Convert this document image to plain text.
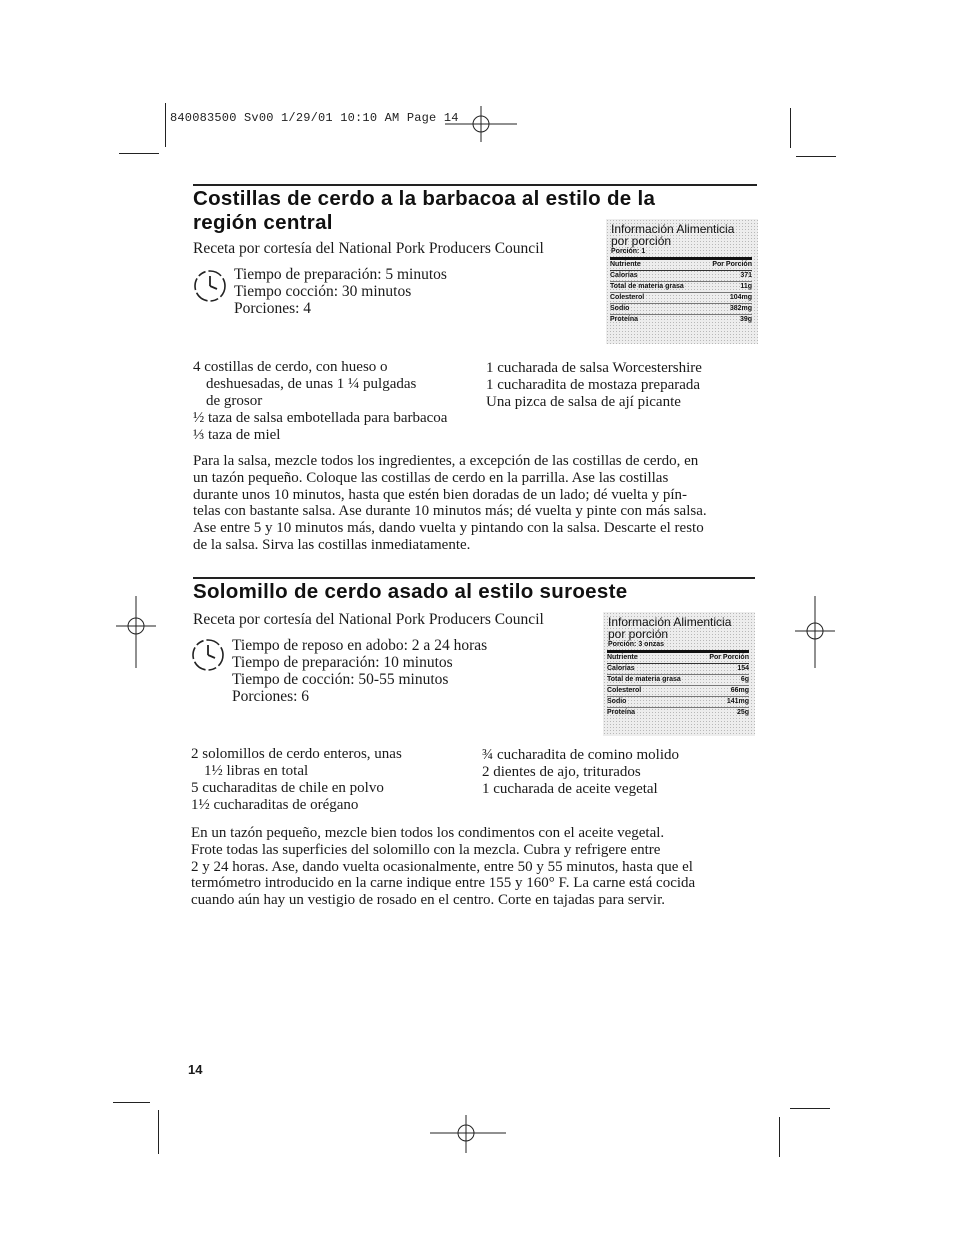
840083500 Sv00 1/29/01 10:10 AM Page 14
Costillas de cerdo a la barbacoa al estilo de la
región central
Receta por cortesía del National Pork Producers Council
Tiempo de preparación: 5 minutos
Tiempo cocción: 30 minutos
Porciones: 4
Información Alimenticia
por porción
Porción: 1
Nutriente	Por Porción
Calorías	371
Total de materia grasa	11g
Colesterol	104mg
Sodio	382mg
Proteína	39g
4 costillas de cerdo, con hueso o
deshuesadas, de unas 1 ¼ pulgadas
de grosor
½ taza de salsa embotellada para barbacoa
⅓ taza de miel
1 cucharada de salsa Worcestershire
1 cucharadita de mostaza preparada
Una pizca de salsa de ají picante
Para la salsa, mezcle todos los ingredientes, a excepción de las costillas de cerdo, en
un tazón pequeño. Coloque las costillas de cerdo en la parrilla. Ase las costillas
durante unos 10 minutos, hasta que estén bien doradas de un lado; dé vuelta y pín-
telas con bastante salsa. Ase durante 10 minutos más; dé vuelta y pinte con más salsa.
Ase entre 5 y 10 minutos más, dando vuelta y pintando con la salsa. Descarte el resto
de la salsa. Sirva las costillas inmediatamente.
Solomillo de cerdo asado al estilo suroeste
Receta por cortesía del National Pork Producers Council
Tiempo de reposo en adobo: 2 a 24 horas
Tiempo de preparación: 10 minutos
Tiempo de cocción: 50-55 minutos
Porciones: 6
Información Alimenticia
por porción
Porción: 3 onzas
Nutriente	Por Porción
Calorías	154
Total de materia grasa	6g
Colesterol	66mg
Sodio	141mg
Proteína	25g
2 solomillos de cerdo enteros, unas
1½ libras en total
5 cucharaditas de chile en polvo
1½ cucharaditas de orégano
¾ cucharadita de comino molido
2 dientes de ajo, triturados
1 cucharada de aceite vegetal
En un tazón pequeño, mezcle bien todos los condimentos con el aceite vegetal.
Frote todas las superficies del solomillo con la mezcla. Cubra y refrigere entre
2 y 24 horas. Ase, dando vuelta ocasionalmente, entre 50 y 55 minutos, hasta que el
termómetro introducido en la carne indique entre 155 y 160° F. La carne está cocida
cuando aún hay un vestigio de rosado en el centro. Corte en tajadas para servir.
14
